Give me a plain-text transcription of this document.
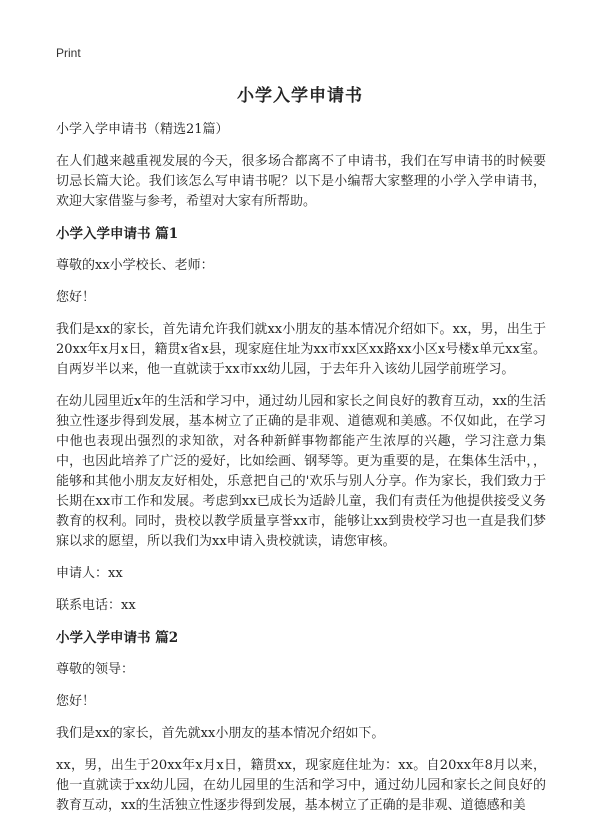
Print
小学入学申请书

小学入学申请书（精选21篇）

在人们越来越重视发展的今天，很多场合都离不了申请书，我们在写申请书的时候要切忌长篇大论。我们该怎么写申请书呢？以下是小编帮大家整理的小学入学申请书，欢迎大家借鉴与参考，希望对大家有所帮助。

小学入学申请书 篇1

尊敬的xx小学校长、老师：

您好！

我们是xx的家长，首先请允许我们就xx小朋友的基本情况介绍如下。xx，男，出生于20xx年x月x日，籍贯x省x县，现家庭住址为xx市xx区xx路xx小区x号楼x单元xx室。自两岁半以来，他一直就读于xx市xx幼儿园，于去年升入该幼儿园学前班学习。

在幼儿园里近x年的生活和学习中，通过幼儿园和家长之间良好的教育互动，xx的生活独立性逐步得到发展，基本树立了正确的是非观、道德观和美感。不仅如此，在学习中他也表现出强烈的求知欲，对各种新鲜事物都能产生浓厚的兴趣，学习注意力集中，也因此培养了广泛的爱好，比如绘画、钢琴等。更为重要的是，在集体生活中，，能够和其他小朋友友好相处，乐意把自己的'欢乐与别人分享。作为家长，我们致力于长期在xx市工作和发展。考虑到xx已成长为适龄儿童，我们有责任为他提供接受义务教育的权利。同时，贵校以教学质量享誉xx市，能够让xx到贵校学习也一直是我们梦寐以求的愿望，所以我们为xx申请入贵校就读，请您审核。

申请人：xx

联系电话：xx

小学入学申请书 篇2

尊敬的领导：

您好！

我们是xx的家长，首先就xx小朋友的基本情况介绍如下。

xx，男，出生于20xx年x月x日，籍贯xx，现家庭住址为：xx。自20xx年8月以来，他一直就读于xx幼儿园，在幼儿园里的生活和学习中，通过幼儿园和家长之间良好的教育互动，xx的生活独立性逐步得到发展，基本树立了正确的是非观、道德感和美
